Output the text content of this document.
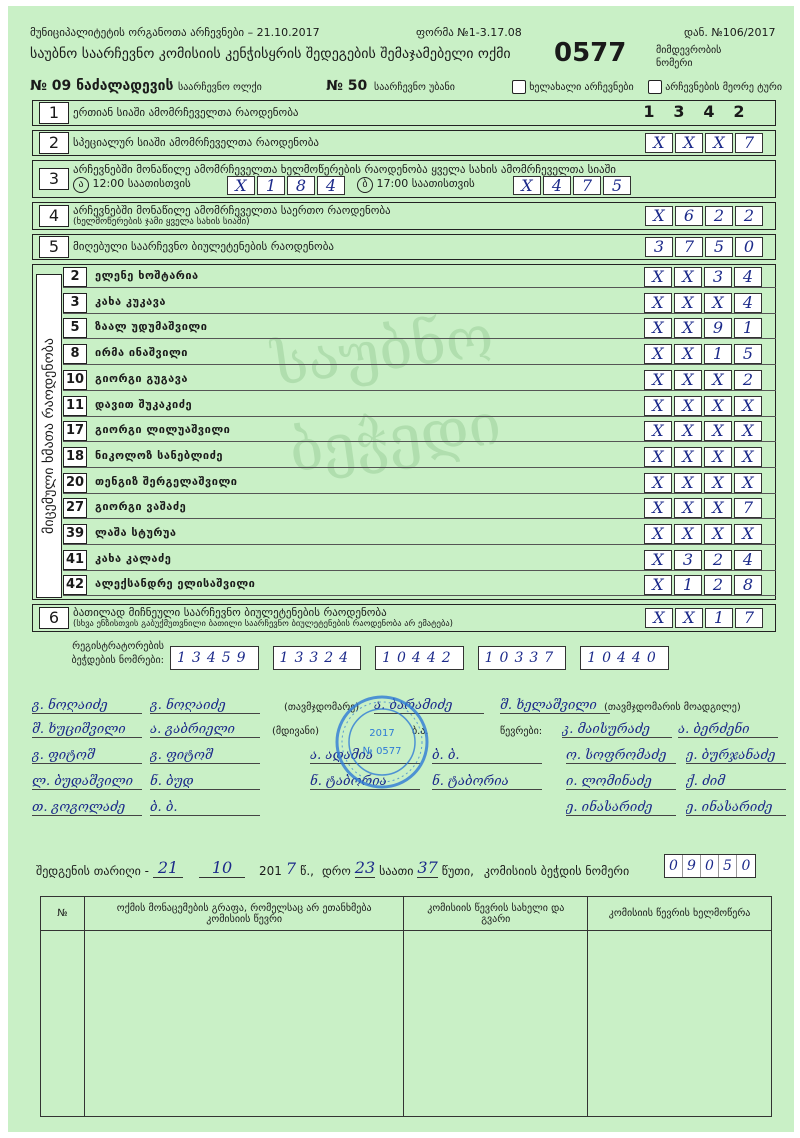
მუნიციპალიტეტის ორგანოთა არჩევნები – 21.10.2017	ფორმა №1-3.17.08	დან. №106/2017
საუბნო საარჩევნო კომისიის კენჭისყრის შედეგების შემაჯამებელი ოქმი 0577	მიმდევრობის ნომერი
№ 09 ნაძალადევის საარჩევნო ოლქი	№ 50 საარჩევნო უბანი	ხელახალი არჩევნები	არჩევნების მეორე ტური
საუბნო ბეჭედი
1	ერთიან სიაში ამომრჩეველთა რაოდენობა	1 3 4 2
2	სპეციალურ სიაში ამომრჩეველთა რაოდენობა	X	X	X	7
3	არჩევნებში მონაწილე ამომრჩეველთა ხელმოწერების რაოდენობა ყველა სახის ამომრჩეველთა სიაში
ა 12:00 საათისთვის	X	1	8	4	ბ 17:00 საათისთვის	X	4	7	5
4	არჩევნებში მონაწილე ამომრჩეველთა საერთო რაოდენობა
(ხელმოწერების ჯამი ყველა სახის სიაში)	X	6	2	2
5	მიღებული საარჩევნო ბიულეტენების რაოდენობა	3	7	5	0
მიცემული ხმათა რაოდენობა
2	ელენე ხოშტარია	X	X	3	4
3	კახა კუკავა	X	X	X	4
5	ზაალ უდუმაშვილი	X	X	9	1
8	ირმა ინაშვილი	X	X	1	5
10 გიორგი გუგავა	X	X	X	2
11 დავით შუკაკიძე	X	X	X	X
17 გიორგი ლილუაშვილი	X	X	X	X
18 ნიკოლოზ სანებლიძე	X	X	X	X
20 თენგიზ შერგელაშვილი	X	X	X	X
27 გიორგი ვაშაძე	X	X	X	7
39 ლაშა სტურუა	X	X	X	X
41 კახა კალაძე	X	3	2	4
42 ალექსანდრე ელისაშვილი	X	1	2	8
6	ბათილად მიჩნეული საარჩევნო ბიულეტენების რაოდენობა
(სხვა ენზისთვის გაბუქმუთვნილი ბათილი საარჩევნო ბიულეტენების რაოდენობა არ ემატება)	X	X	1	7
რეგისტრატორების
ბეჭდების ნომრები: 13459	13324	10442	10337	10440
(თავმჯდომარე)	(თავმჯდომარის მოადგილე)
(მდივანი)	ბ.ა.	წევრები:
გ. ნოღაიძე	გ. ნოღაიძე	ა. ბარამიძე	შ. ხელაშვილი
შ. ხუციშვილი	ა. გაბრიელი	კ. მაისურაძე	ა. ბერძენი
გ. ფიტოშ	გ. ფიტოშ	ა. ადამია	ბ. ბ.	ო. სოფრომაძე	ე. ბურჯანაძე
ლ. ბუდაშვილი	ნ. ბუდ	ნ. ტაბორია	ნ. ტაბორია	ი. ლომინაძე	ქ. ძიმ
თ. გოგოლაძე	ბ. ბ.	ე. ინასარიძე	ე. ინასარიძე
2017
№ 0577
შედგენის თარიღი - 21	10	201 7 წ., დრო 23 საათი 37 წუთი, კომისიის ბეჭდის ნომერი	0 9 0 5 0
№	ოქმის მონაცემების გრაფა, რომელსაც არ ეთანხმება კომისიის წევრი	კომისიის წევრის სახელი და გვარი	კომისიის წევრის ხელმოწერა
